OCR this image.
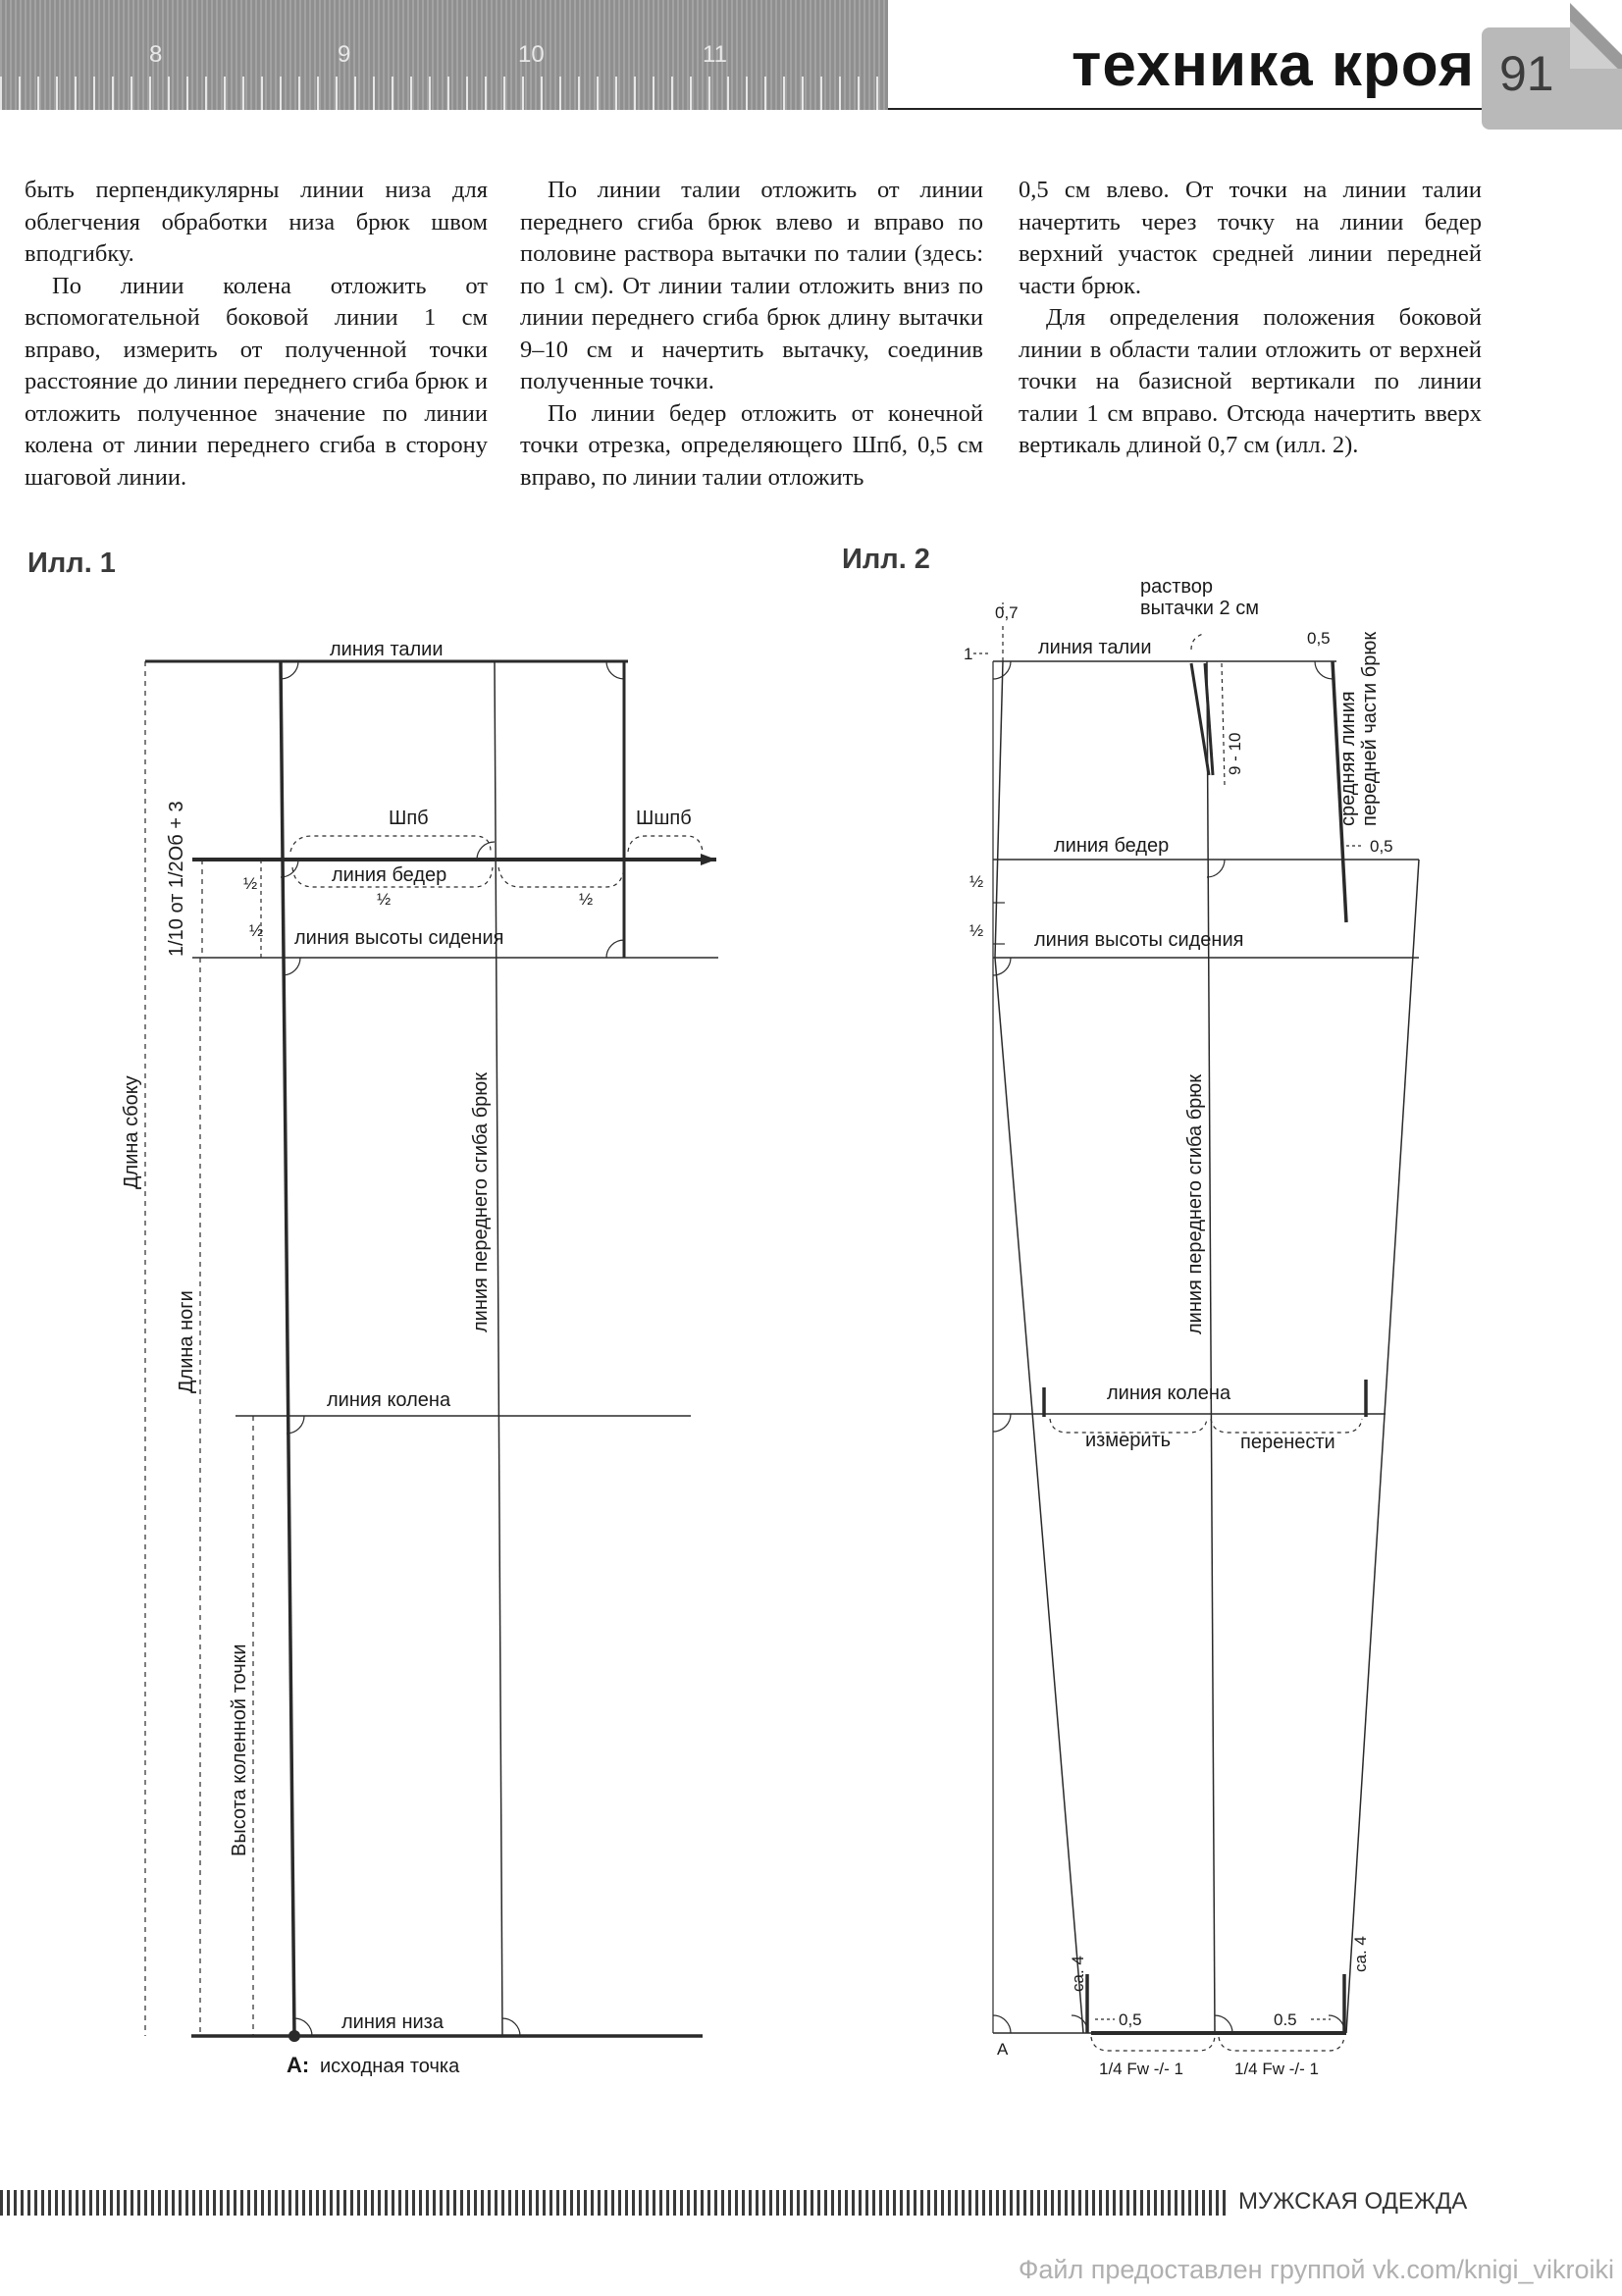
8	9	10	11	техника кроя 91

быть перпендикулярны линии низа для облегчения обработки низа брюк швом вподгибку.

По линии колена отложить от вспомогательной боковой линии 1 см вправо, измерить от полученной точки расстояние до линии переднего сгиба брюк и отложить полученное значение по линии колена от линии переднего сгиба в сторону шаговой линии.

По линии талии отложить от линии переднего сгиба брюк влево и вправо по половине раствора вытачки по талии (здесь: по 1 см). От линии талии отложить вниз по линии переднего сгиба брюк длину вытачки 9–10 см и начертить вытачку, соединив полученные точки.

По линии бедер отложить от конечной точки отрезка, определяющего Шпб, 0,5 см вправо, по линии талии отложить

0,5 см влево. От точки на линии талии начертить через точку на линии бедер верхний участок средней линии передней части брюк.

Для определения положения боковой линии в области талии отложить от верхней точки на базисной вертикали по линии талии 1 см вправо. Отсюда начертить вверх вертикаль длиной 0,7 см (илл. 2).

Илл. 1	Илл. 2
линия талии
Шпб	Шшпб
линия бедер
½
½	½
½ линия высоты сидения
линия колена
линия низа
А: исходная точка
1/10 от 1/2Об + 3
Длина сбоку
Длина ноги
Высота коленной точки
линия переднего сгиба брюк
раствор
вытачки 2 см
0,7
1	линия талии	0,5
9 - 10	средняя линия передней части брюк
линия бедер	0,5
½
½	линия высоты сидения
линия переднего сгиба брюк
линия колена
измерить	перенести
ca. 4
ca. 4
0,5	0.5
A
1/4 Fw -/- 1	1/4 Fw -/- 1
МУЖСКАЯ ОДЕЖДА
Файл предоставлен группой vk.com/knigi_vikroiki
